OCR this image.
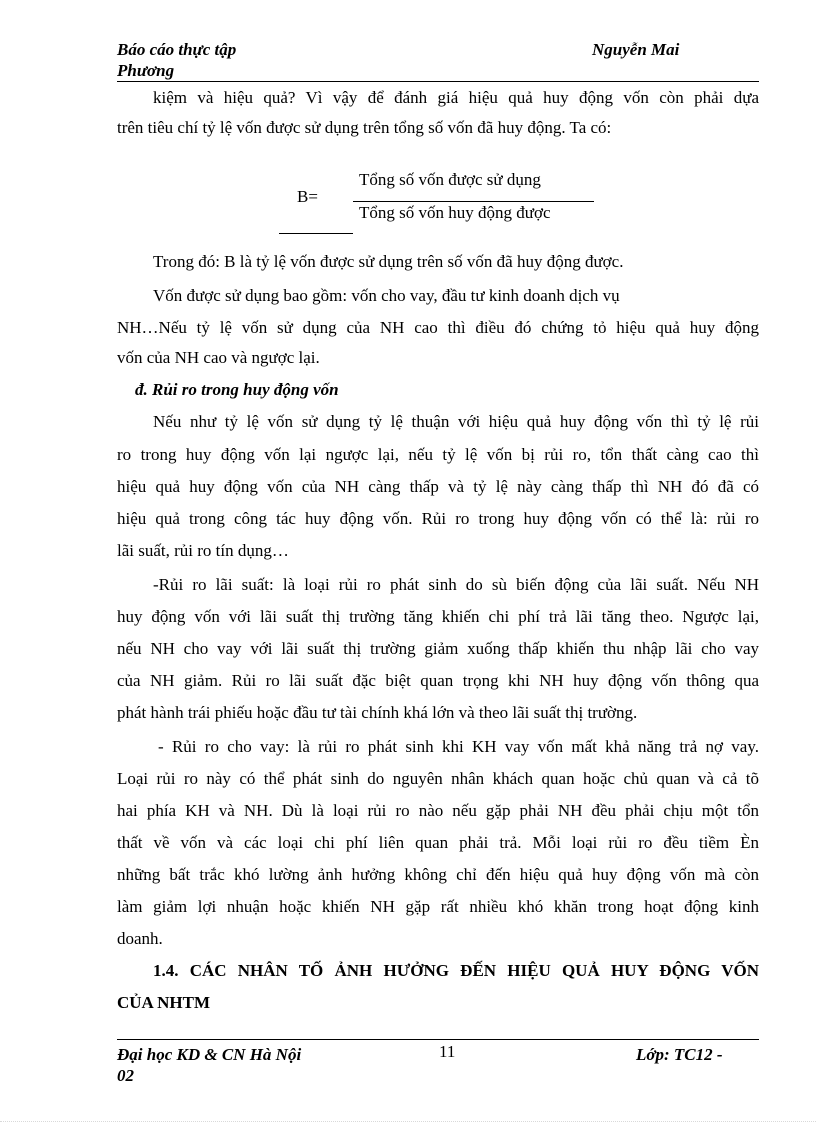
Báo cáo thực tập
Phương
Nguyễn Mai
kiệm và hiệu quả? Vì vậy để đánh giá hiệu quả huy động vốn còn phải dựa
trên tiêu chí tỷ lệ vốn được sử dụng trên tổng số vốn đã huy động. Ta có:
B=
Tổng số vốn được sử dụng
Tổng số vốn huy động được
Trong đó: B là tỷ lệ vốn được sử dụng trên số vốn đã huy động được.
Vốn được sử dụng bao gồm: vốn cho vay, đầu tư kinh doanh dịch vụ
NH…Nếu tỷ lệ vốn sử dụng của NH cao thì điều đó chứng tỏ hiệu quả huy động
vốn của NH cao và ngược lại.
đ. Rủi ro trong huy động vốn
Nếu như tỷ lệ vốn sử dụng tỷ lệ thuận với hiệu quả huy động vốn thì tỷ lệ rủi
ro trong huy động vốn lại ngược lại, nếu tỷ lệ vốn bị rủi ro, tổn thất càng cao thì
hiệu quả huy động vốn của NH càng thấp và tỷ lệ này càng thấp thì NH đó đã có
hiệu quả trong công tác huy động vốn. Rủi ro trong huy động vốn có thể là: rủi ro
lãi suất, rủi ro tín dụng…
-Rủi ro lãi suất: là loại rủi ro phát sinh do sù biến động của lãi suất. Nếu NH
huy động vốn với lãi suất thị trường tăng khiến chi phí trả lãi tăng theo. Ngược lại,
nếu NH cho vay với lãi suất thị trường giảm xuống thấp khiến thu nhập lãi cho vay
của NH giảm. Rủi ro lãi suất đặc biệt quan trọng khi NH huy động vốn thông qua
phát hành trái phiếu hoặc đầu tư tài chính khá lớn và theo lãi suất thị trường.
- Rủi ro cho vay: là rủi ro phát sinh khi KH vay vốn mất khả năng trả nợ vay.
Loại rủi ro này có thể phát sinh do nguyên nhân khách quan hoặc chủ quan và cả tõ
hai phía KH và NH. Dù là loại rủi ro nào nếu gặp phải NH đều phải chịu một tổn
thất về vốn và các loại chi phí liên quan phải trả. Mỗi loại rủi ro đều tiềm Èn
những bất trắc khó lường ảnh hưởng không chỉ đến hiệu quả huy động vốn mà còn
làm giảm lợi nhuận hoặc khiến NH gặp rất nhiều khó khăn trong hoạt động kinh
doanh.
1.4. CÁC NHÂN TỐ ẢNH HƯỞNG ĐẾN HIỆU QUẢ HUY ĐỘNG VỐN
CỦA NHTM
Đại học KD & CN Hà Nội
02
11	Lớp: TC12 -
